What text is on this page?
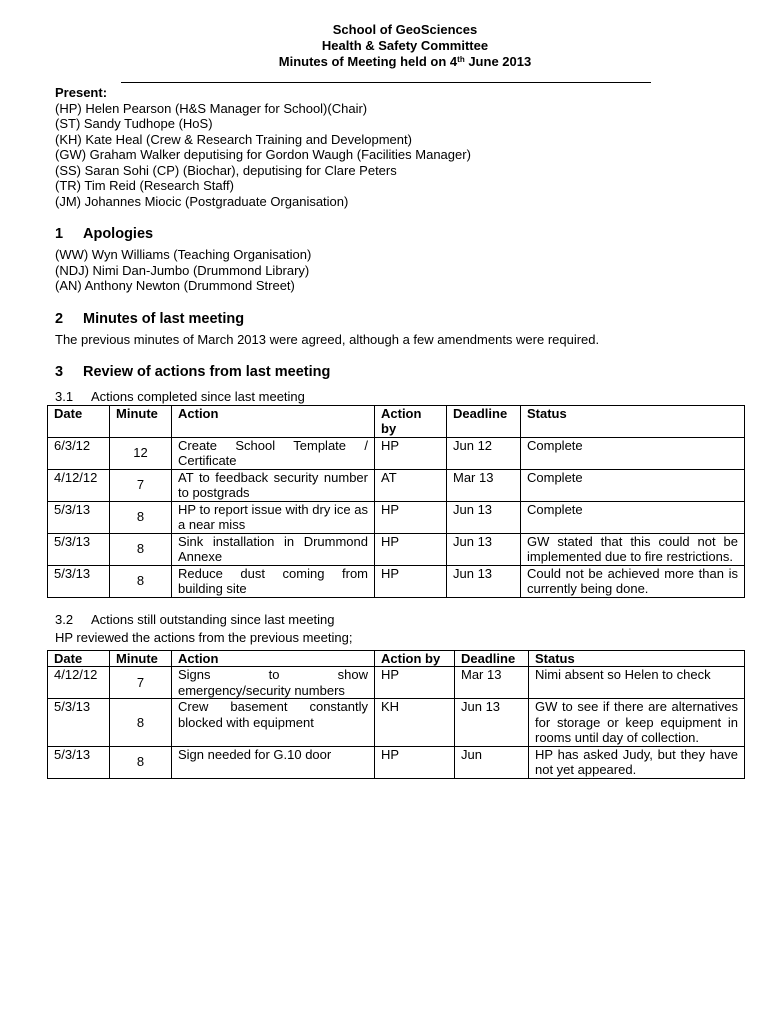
School of GeoSciences
Health & Safety Committee
Minutes of Meeting held on 4th June 2013
Present:
(HP) Helen Pearson (H&S Manager for School)(Chair)
(ST) Sandy Tudhope (HoS)
(KH) Kate Heal (Crew & Research Training and Development)
(GW) Graham Walker deputising for Gordon Waugh (Facilities Manager)
(SS) Saran Sohi (CP) (Biochar), deputising for Clare Peters
(TR) Tim Reid (Research Staff)
(JM) Johannes Miocic (Postgraduate Organisation)
1 Apologies
(WW) Wyn Williams (Teaching Organisation)
(NDJ) Nimi Dan-Jumbo (Drummond Library)
(AN) Anthony Newton (Drummond Street)
2 Minutes of last meeting
The previous minutes of March 2013 were agreed, although a few amendments were required.
3 Review of actions from last meeting
3.1 Actions completed since last meeting
Date	Minute	Action	Action by	Deadline	Status
6/3/12	12	Create School Template / Certificate	HP	Jun 12	Complete
4/12/12	7	AT to feedback security number to postgrads	AT	Mar 13	Complete
5/3/13	8	HP to report issue with dry ice as a near miss	HP	Jun 13	Complete
5/3/13	8	Sink installation in Drummond Annexe	HP	Jun 13	GW stated that this could not be implemented due to fire restrictions.
5/3/13	8	Reduce dust coming from building site	HP	Jun 13	Could not be achieved more than is currently being done.
3.2 Actions still outstanding since last meeting
HP reviewed the actions from the previous meeting;
Date	Minute	Action	Action by	Deadline	Status
4/12/12	7	Signs to show emergency/security numbers	HP	Mar 13	Nimi absent so Helen to check
5/3/13	8	Crew basement constantly blocked with equipment	KH	Jun 13	GW to see if there are alternatives for storage or keep equipment in rooms until day of collection.
5/3/13	8	Sign needed for G.10 door	HP	Jun	HP has asked Judy, but they have not yet appeared.
